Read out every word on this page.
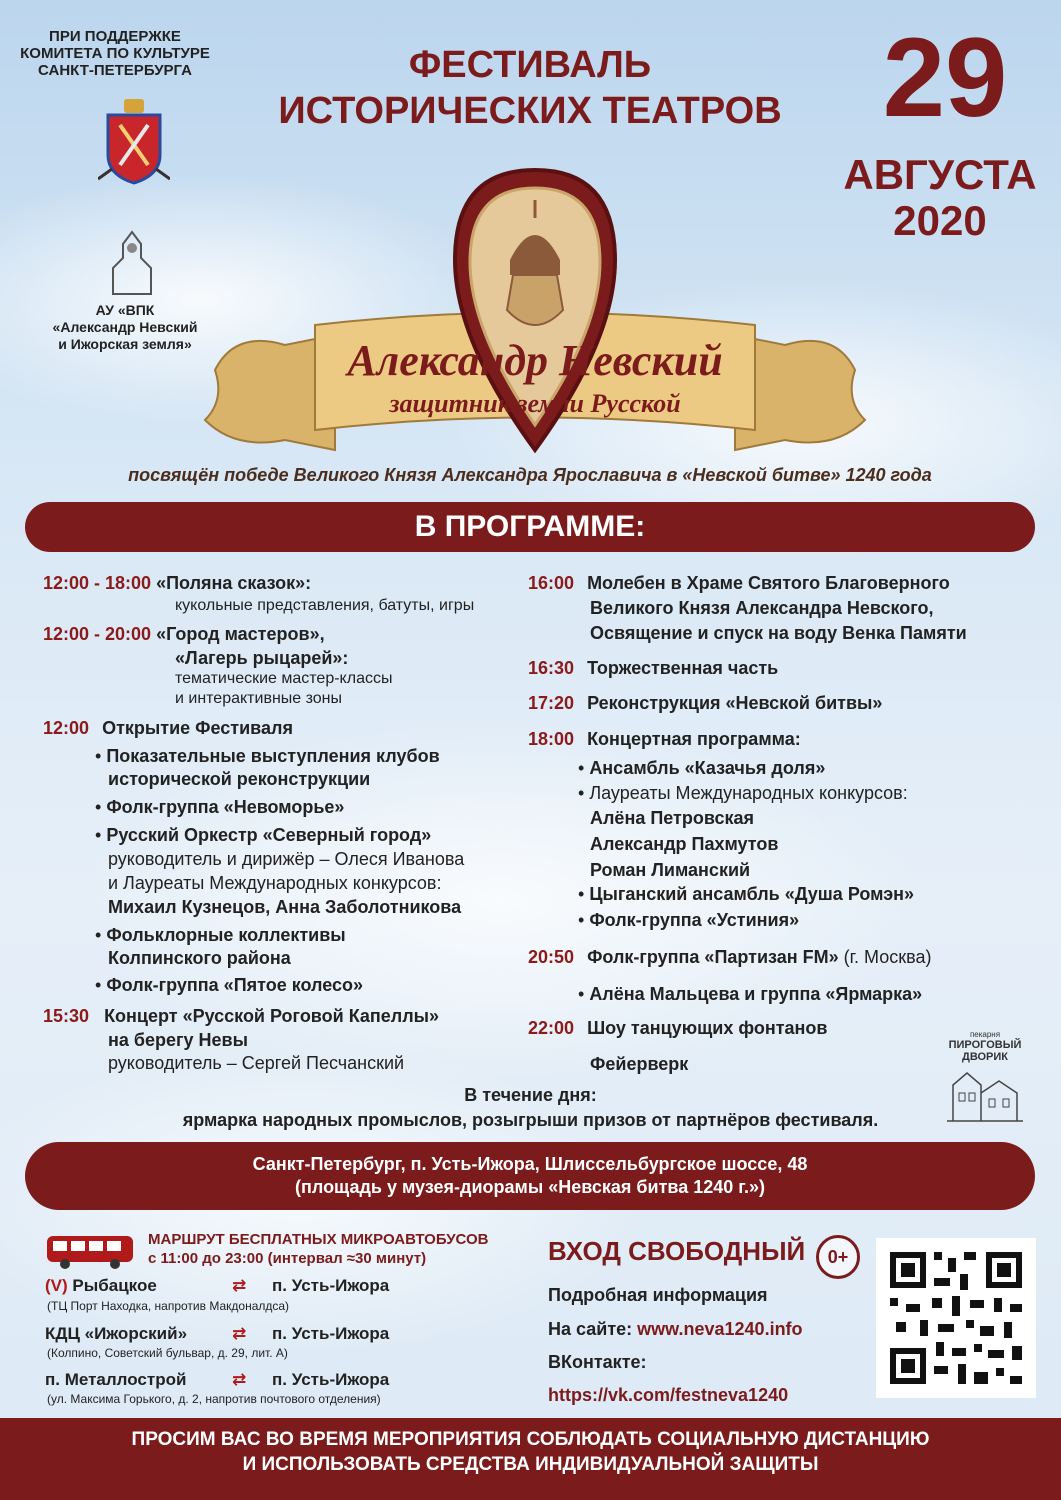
ПРИ ПОДДЕРЖКЕ
КОМИТЕТА ПО КУЛЬТУРЕ
САНКТ-ПЕТЕРБУРГА
АУ «ВПК
«Александр Невский
и Ижорская земля»
ФЕСТИВАЛЬ
ИСТОРИЧЕСКИХ ТЕАТРОВ 29
АВГУСТА
2020
Александр Невский
защитник земли Русской
посвящён победе Великого Князя Александра Ярославича в «Невской битве» 1240 года
В ПРОГРАММЕ:
12:00 - 18:00 «Поляна сказок»:
кукольные представления, батуты, игры
12:00 - 20:00 «Город мастеров»,
«Лагерь рыцарей»:
тематические мастер-классы
и интерактивные зоны
12:00 Открытие Фестиваля
• Показательные выступления клубов
исторической реконструкции
• Фолк-группа «Невоморье»
• Русский Оркестр «Северный город»
руководитель и дирижёр – Олеся Иванова
и Лауреаты Международных конкурсов:
Михаил Кузнецов, Анна Заболотникова
• Фольклорные коллективы
Колпинского района
• Фолк-группа «Пятое колесо»
15:30 Концерт «Русской Роговой Капеллы»
на берегу Невы
руководитель – Сергей Песчанский
16:00 Молебен в Храме Святого Благоверного
Великого Князя Александра Невского,
Освящение и спуск на воду Венка Памяти
16:30 Торжественная часть
17:20 Реконструкция «Невской битвы»
18:00 Концертная программа:
• Ансамбль «Казачья доля»
• Лауреаты Международных конкурсов:
Алёна Петровская
Александр Пахмутов
Роман Лиманский
• Цыганский ансамбль «Душа Ромэн»
• Фолк-группа «Устиния»
20:50 Фолк-группа «Партизан FM» (г. Москва)
• Алёна Мальцева и группа «Ярмарка»
22:00 Шоу танцующих фонтанов
Фейерверк
пекарня
ПИРОГОВЫЙ
ДВОРИК
В течение дня:
ярмарка народных промыслов, розыгрыши призов от партнёров фестиваля.
Санкт-Петербург, п. Усть-Ижора, Шлиссельбургское шоссе, 48
(площадь у музея-диорамы «Невская битва 1240 г.»)
МАРШРУТ БЕСПЛАТНЫХ МИКРОАВТОБУСОВ
с 11:00 до 23:00 (интервал ≈30 минут)
(V) Рыбацкое	⇄ п. Усть-Ижора
(ТЦ Порт Находка, напротив Макдоналдса)
КДЦ «Ижорский»	⇄ п. Усть-Ижора
(Колпино, Советский бульвар, д. 29, лит. А)
п. Металлострой	⇄ п. Усть-Ижора
(ул. Максима Горького, д. 2, напротив почтового отделения)
ВХОД СВОБОДНЫЙ	0+
Подробная информация
На сайте: www.neva1240.info
ВКонтакте:
https://vk.com/festneva1240
ПРОСИМ ВАС ВО ВРЕМЯ МЕРОПРИЯТИЯ СОБЛЮДАТЬ СОЦИАЛЬНУЮ ДИСТАНЦИЮ
И ИСПОЛЬЗОВАТЬ СРЕДСТВА ИНДИВИДУАЛЬНОЙ ЗАЩИТЫ
